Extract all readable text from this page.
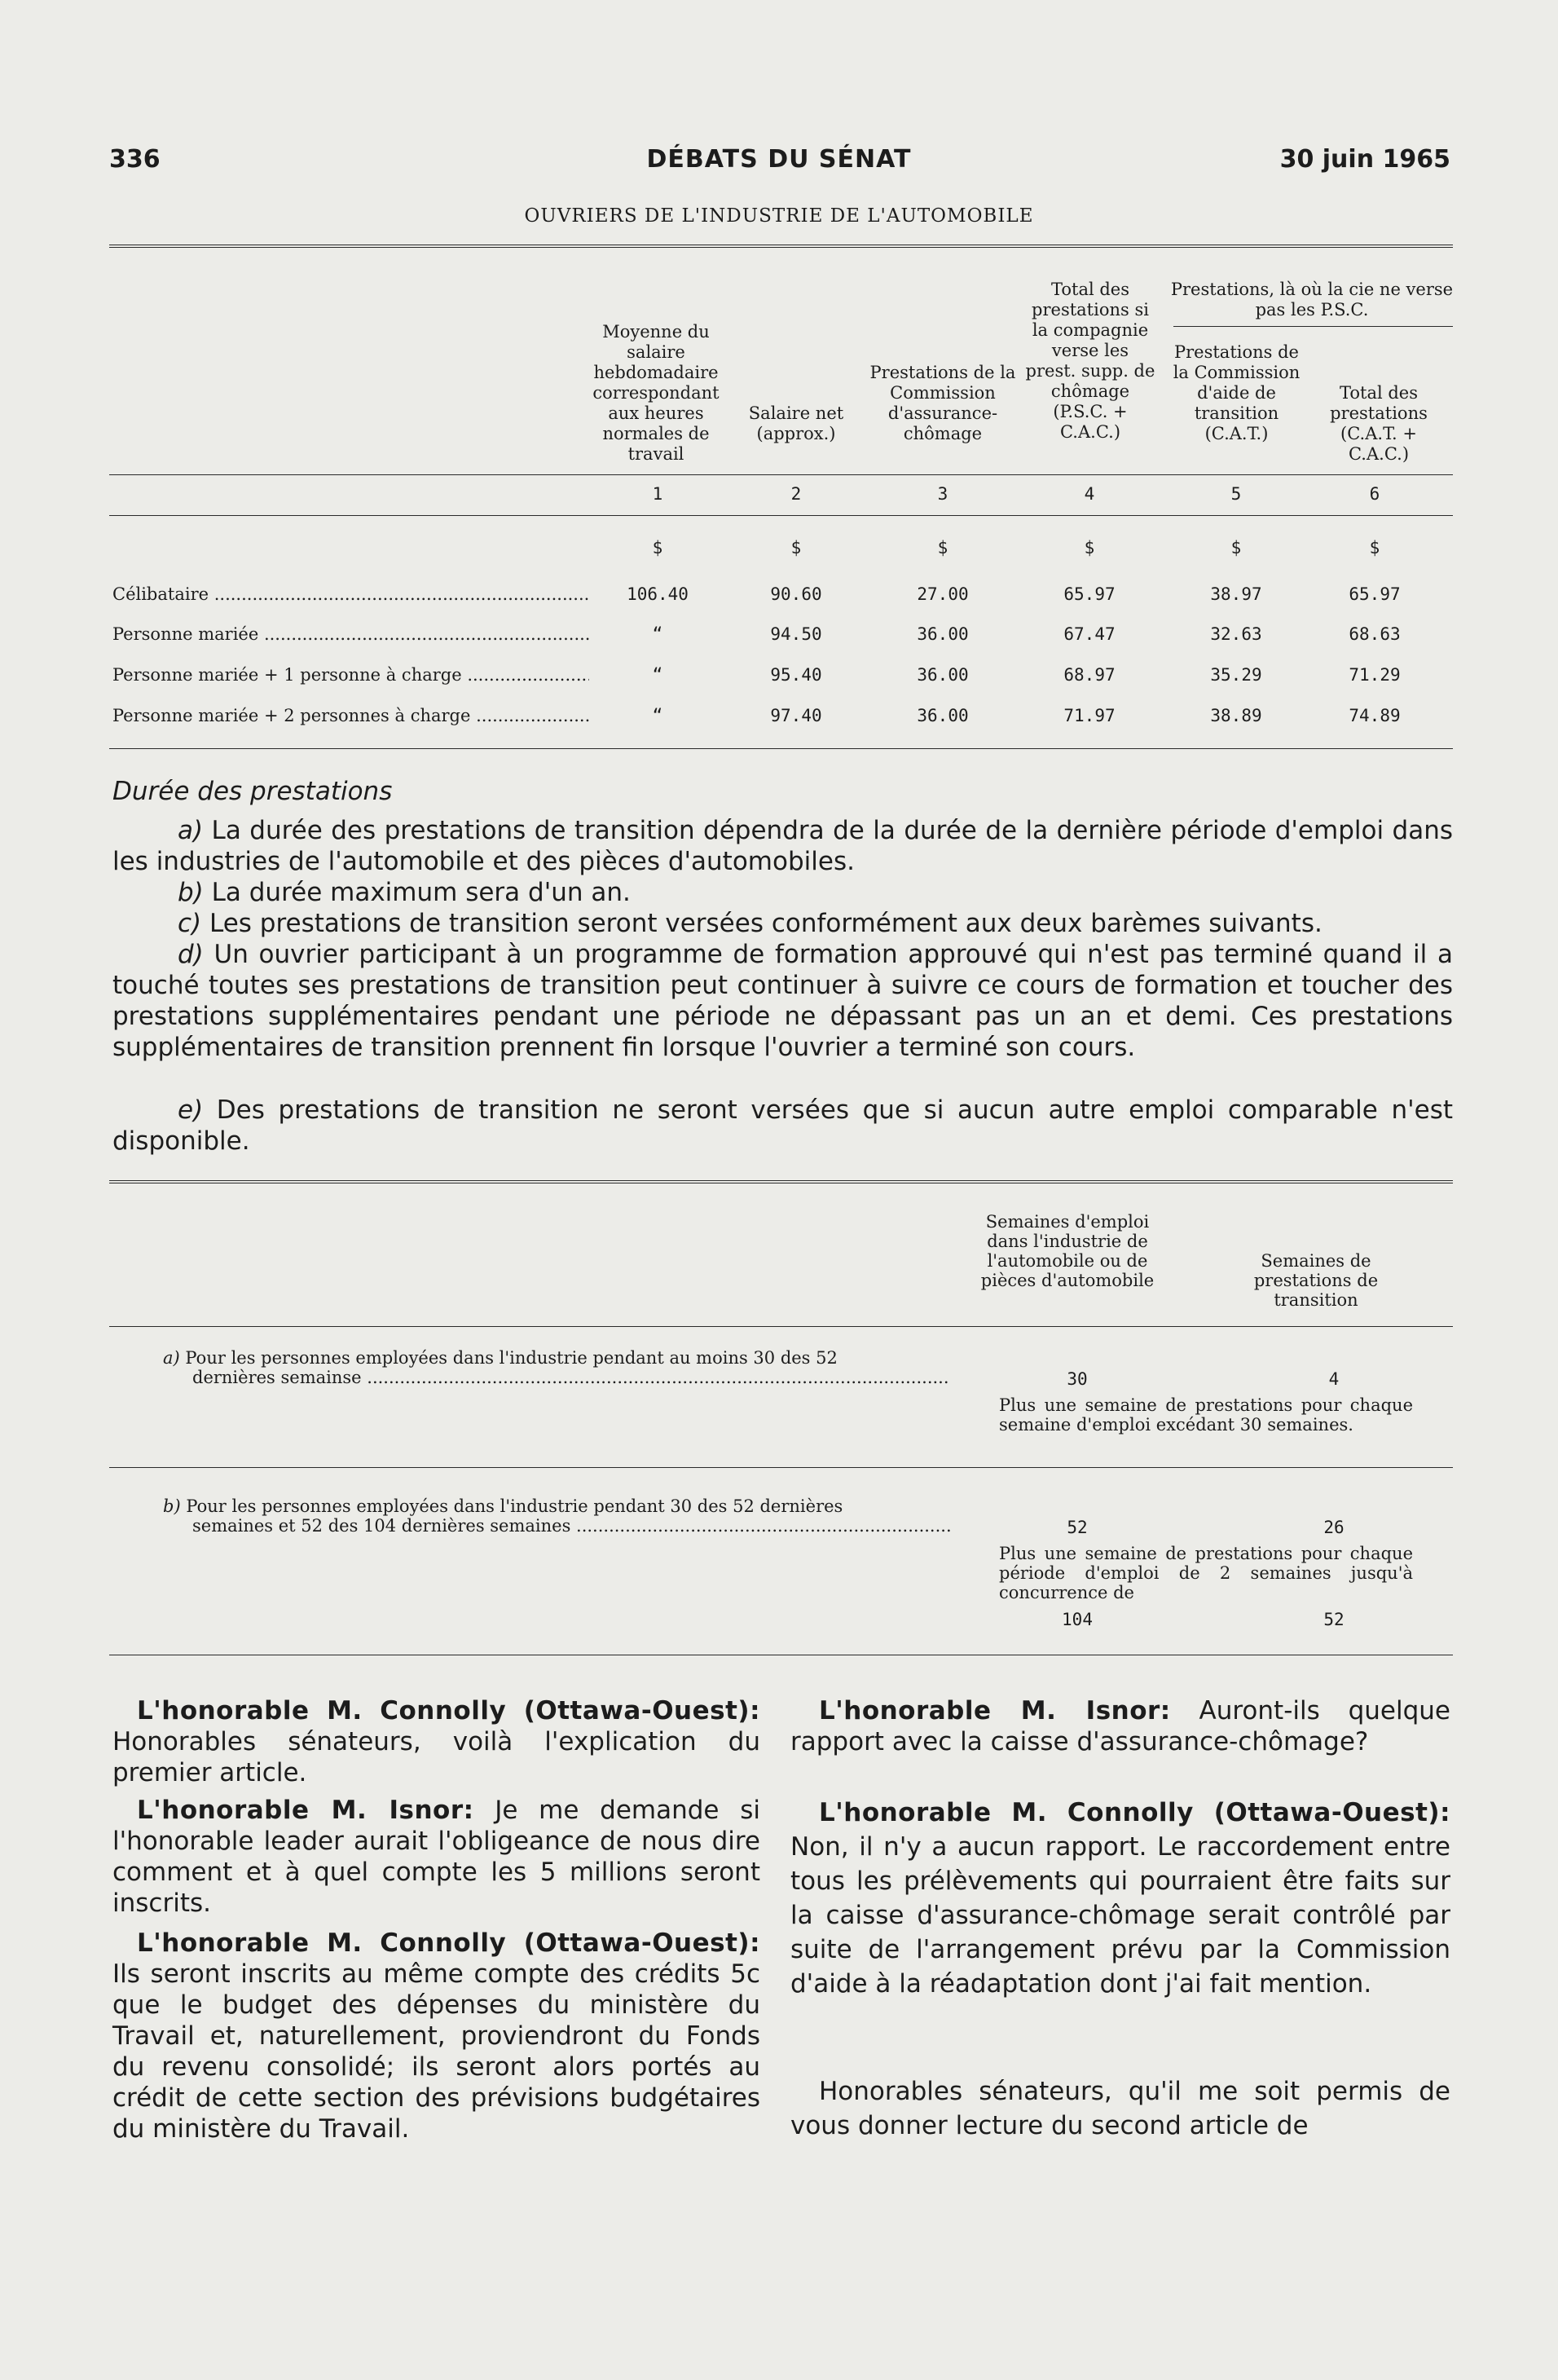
336	DÉBATS DU SÉNAT	30 juin 1965
OUVRIERS DE L'INDUSTRIE DE L'AUTOMOBILE
Prestations, là où la cie ne verse pas les P.S.C.
Moyenne du salaire hebdomadaire correspondant aux heures normales de travail
Salaire net (approx.)
Prestations de la Commission d'assurance-chômage
Total des prestations si la compagnie verse les prest. supp. de chômage (P.S.C. + C.A.C.)
Prestations de la Commission d'aide de transition (C.A.T.)
Total des prestations (C.A.T. + C.A.C.)
1	2	3	4	5	6
$	$	$	$	$	$
Célibataire .....	106.40	90.60	27.00	65.97	38.97	65.97
Personne mariée .....	“	94.50	36.00	67.47	32.63	68.63
Personne mariée + 1 personne à charge .....	“	95.40	36.00	68.97	35.29	71.29
Personne mariée + 2 personnes à charge .....	“	97.40	36.00	71.97	38.89	74.89
Durée des prestations
a) La durée des prestations de transition dépendra de la durée de la dernière période d'emploi dans les industries de l'automobile et des pièces d'automobiles.
b) La durée maximum sera d'un an.
c) Les prestations de transition seront versées conformément aux deux barèmes suivants.
d) Un ouvrier participant à un programme de formation approuvé qui n'est pas terminé quand il a touché toutes ses prestations de transition peut continuer à suivre ce cours de formation et toucher des prestations supplémentaires pendant une période ne dépassant pas un an et demi. Ces prestations supplémentaires de transition prennent fin lorsque l'ouvrier a terminé son cours.
e) Des prestations de transition ne seront versées que si aucun autre emploi comparable n'est disponible.
Semaines d'emploi dans l'industrie de l'automobile ou de pièces d'automobile
Semaines de prestations de transition
a) Pour les personnes employées dans l'industrie pendant au moins 30 des 52
dernières semainse .....	30	4
Plus une semaine de prestations pour chaque semaine d'emploi excédant 30 semaines.
b) Pour les personnes employées dans l'industrie pendant 30 des 52 dernières
semaines et 52 des 104 dernières semaines .....	52	26
Plus une semaine de prestations pour chaque période d'emploi de 2 semaines jusqu'à concurrence de
104	52
L'honorable M. Connolly (Ottawa-Ouest): Honorables sénateurs, voilà l'explication du premier article.
L'honorable M. Isnor: Je me demande si l'honorable leader aurait l'obligeance de nous dire comment et à quel compte les 5 millions seront inscrits.
L'honorable M. Connolly (Ottawa-Ouest): Ils seront inscrits au même compte des crédits 5c que le budget des dépenses du ministère du Travail et, naturellement, proviendront du Fonds du revenu consolidé; ils seront alors portés au crédit de cette section des prévisions budgétaires du ministère du Travail.
L'honorable M. Isnor: Auront-ils quelque rapport avec la caisse d'assurance-chômage?
L'honorable M. Connolly (Ottawa-Ouest): Non, il n'y a aucun rapport. Le raccordement entre tous les prélèvements qui pourraient être faits sur la caisse d'assurance-chômage serait contrôlé par suite de l'arrangement prévu par la Commission d'aide à la réadaptation dont j'ai fait mention.
Honorables sénateurs, qu'il me soit permis de vous donner lecture du second article de
